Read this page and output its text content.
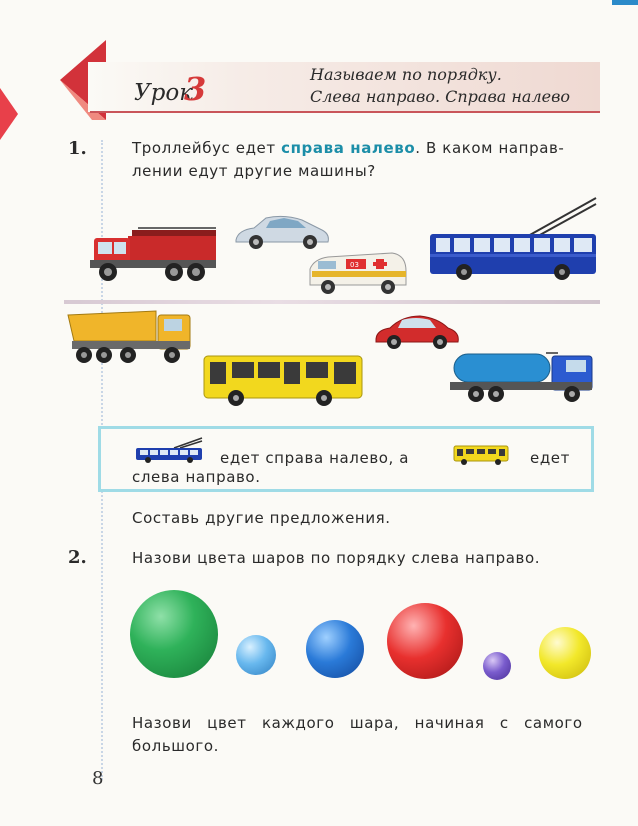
Урок
3	Называем по порядку.
Слева направо. Справа налево
1.	Троллейбус едет справа налево. В каком направ-
лении едут другие машины?
03
едет справа налево, а	едет
слева направо.
Составь другие предложения.
2.	Назови цвета шаров по порядку слева направо.
Назови цвет каждого шара, начиная с самого
большого.
8
